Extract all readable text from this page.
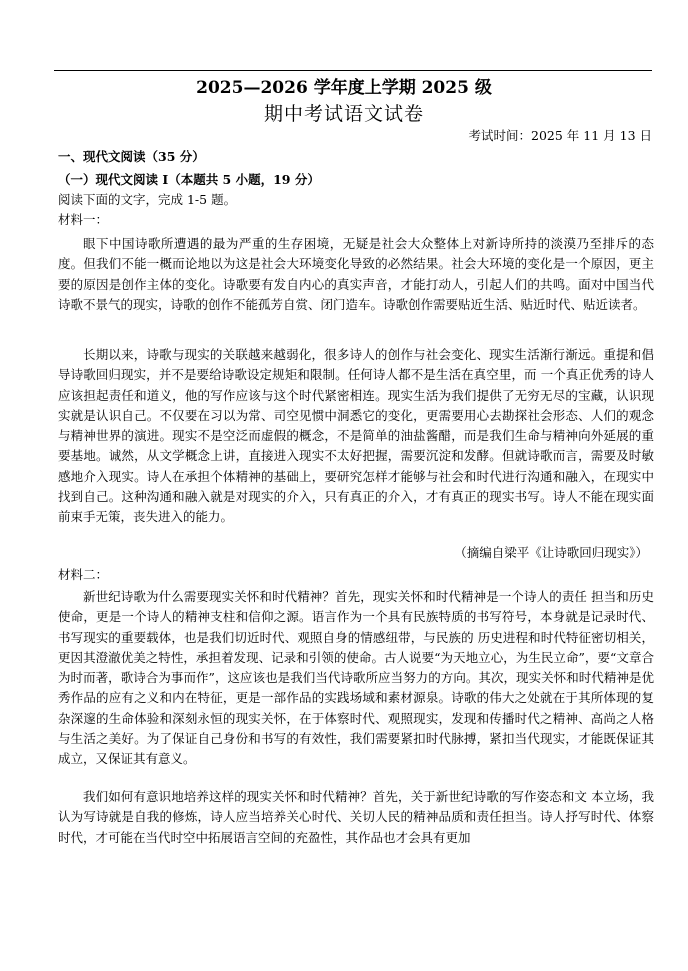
2025—2026 学年度上学期 2025 级
期中考试语文试卷
考试时间：2025 年 11 月 13 日
一、现代文阅读（35 分）
（一）现代文阅读 I（本题共 5 小题，19 分）
阅读下面的文字，完成 1-5 题。
材料一：

眼下中国诗歌所遭遇的最为严重的生存困境，无疑是社会大众整体上对新诗所持的淡漠乃至排斥的态度。但我们不能一概而论地以为这是社会大环境变化导致的必然结果。社会大环境的变化是一个原因，更主要的原因是创作主体的变化。诗歌要有发自内心的真实声音，才能打动人，引起人们的共鸣。面对中国当代诗歌不景气的现实，诗歌的创作不能孤芳自赏、闭门造车。诗歌创作需要贴近生活、贴近时代、贴近读者。

长期以来，诗歌与现实的关联越来越弱化，很多诗人的创作与社会变化、现实生活渐行渐远。重提和倡导诗歌回归现实，并不是要给诗歌设定规矩和限制。任何诗人都不是生活在真空里，而 一个真正优秀的诗人应该担起责任和道义，他的写作应该与这个时代紧密相连。现实生活为我们提供了无穷无尽的宝藏，认识现实就是认识自己。不仅要在习以为常、司空见惯中洞悉它的变化，更需要用心去勘探社会形态、人们的观念与精神世界的演进。现实不是空泛而虚假的概念，不是简单的油盐酱醋，而是我们生命与精神向外延展的重要基地。诚然，从文学概念上讲，直接进入现实不太好把握，需要沉淀和发酵。但就诗歌而言，需要及时敏感地介入现实。诗人在承担个体精神的基础上，要研究怎样才能够与社会和时代进行沟通和融入，在现实中找到自己。这种沟通和融入就是对现实的介入，只有真正的介入，才有真正的现实书写。诗人不能在现实面前束手无策，丧失进入的能力。

（摘编自梁平《让诗歌回归现实》）
材料二：

新世纪诗歌为什么需要现实关怀和时代精神？首先，现实关怀和时代精神是一个诗人的责任 担当和历史使命，更是一个诗人的精神支柱和信仰之源。语言作为一个具有民族特质的书写符号，本身就是记录时代、书写现实的重要载体，也是我们切近时代、观照自身的情感纽带，与民族的 历史进程和时代特征密切相关，更因其澄澈优美之特性，承担着发现、记录和引领的使命。古人说要“为天地立心，为生民立命”，要“文章合为时而著，歌诗合为事而作”，这应该也是我们当代诗歌所应当努力的方向。其次，现实关怀和时代精神是优秀作品的应有之义和内在特征，更是一部作品的实践场域和素材源泉。诗歌的伟大之处就在于其所体现的复杂深邃的生命体验和深刻永恒的现实关怀，在于体察时代、观照现实，发现和传播时代之精神、高尚之人格与生活之美好。为了保证自己身份和书写的有效性，我们需要紧扣时代脉搏，紧扣当代现实，才能既保证其成立，又保证其有意义。

我们如何有意识地培养这样的现实关怀和时代精神？首先，关于新世纪诗歌的写作姿态和文 本立场，我认为写诗就是自我的修炼，诗人应当培养关心时代、关切人民的精神品质和责任担当。诗人抒写时代、体察时代，才可能在当代时空中拓展语言空间的充盈性，其作品也才会具有更加
